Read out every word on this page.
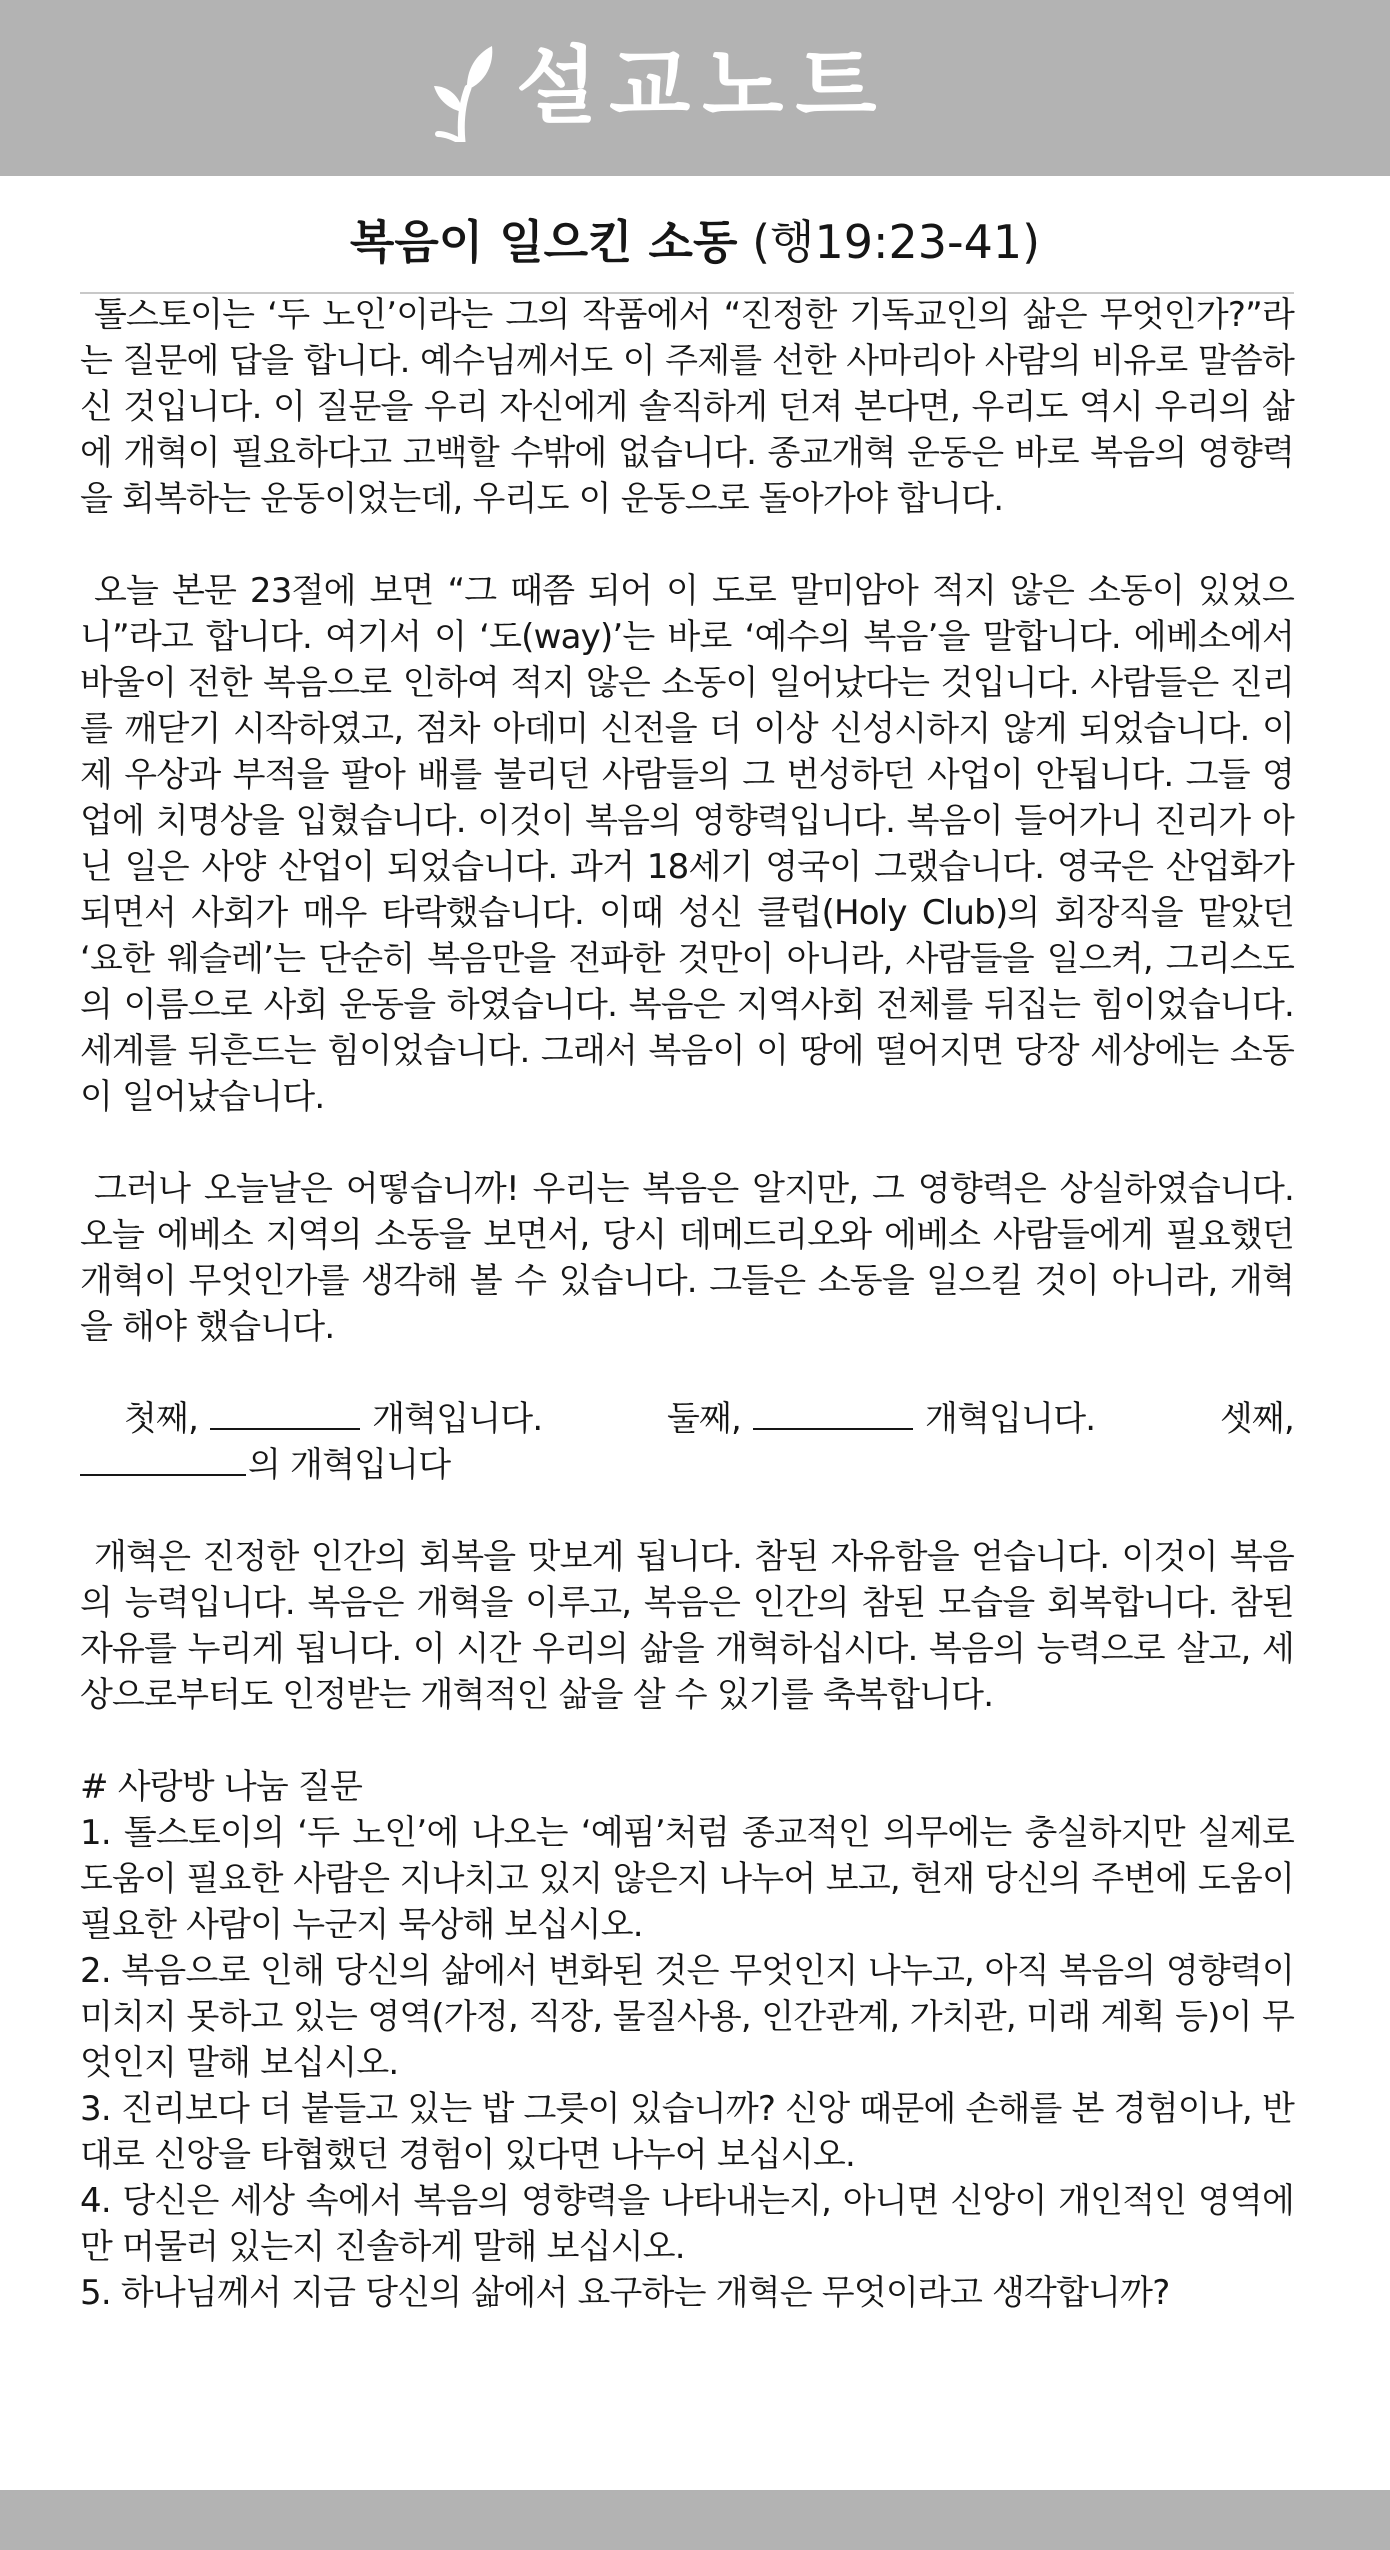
설교노트
복음이 일으킨 소동 (행19:23-41)

톨스토이는 ‘두 노인’이라는 그의 작품에서 “진정한 기독교인의 삶은 무엇인가?”라는 질문에 답을 합니다. 예수님께서도 이 주제를 선한 사마리아 사람의 비유로 말씀하신 것입니다. 이 질문을 우리 자신에게 솔직하게 던져 본다면, 우리도 역시 우리의 삶에 개혁이 필요하다고 고백할 수밖에 없습니다. 종교개혁 운동은 바로 복음의 영향력을 회복하는 운동이었는데, 우리도 이 운동으로 돌아가야 합니다.

오늘 본문 23절에 보면 “그 때쯤 되어 이 도로 말미암아 적지 않은 소동이 있었으니”라고 합니다. 여기서 이 ‘도(way)’는 바로 ‘예수의 복음’을 말합니다. 에베소에서 바울이 전한 복음으로 인하여 적지 않은 소동이 일어났다는 것입니다. 사람들은 진리를 깨닫기 시작하였고, 점차 아데미 신전을 더 이상 신성시하지 않게 되었습니다. 이제 우상과 부적을 팔아 배를 불리던 사람들의 그 번성하던 사업이 안됩니다. 그들 영업에 치명상을 입혔습니다. 이것이 복음의 영향력입니다. 복음이 들어가니 진리가 아닌 일은 사양 산업이 되었습니다. 과거 18세기 영국이 그랬습니다. 영국은 산업화가 되면서 사회가 매우 타락했습니다. 이때 성신 클럽(Holy Club)의 회장직을 맡았던 ‘요한 웨슬레’는 단순히 복음만을 전파한 것만이 아니라, 사람들을 일으켜, 그리스도의 이름으로 사회 운동을 하였습니다. 복음은 지역사회 전체를 뒤집는 힘이었습니다. 세계를 뒤흔드는 힘이었습니다. 그래서 복음이 이 땅에 떨어지면 당장 세상에는 소동이 일어났습니다.

그러나 오늘날은 어떻습니까! 우리는 복음은 알지만, 그 영향력은 상실하였습니다. 오늘 에베소 지역의 소동을 보면서, 당시 데메드리오와 에베소 사람들에게 필요했던 개혁이 무엇인가를 생각해 볼 수 있습니다. 그들은 소동을 일으킬 것이 아니라, 개혁을 해야 했습니다.

첫째,	개혁입니다.	둘째,	개혁입니다.	셋째,
의 개혁입니다

개혁은 진정한 인간의 회복을 맛보게 됩니다. 참된 자유함을 얻습니다. 이것이 복음의 능력입니다. 복음은 개혁을 이루고, 복음은 인간의 참된 모습을 회복합니다. 참된 자유를 누리게 됩니다. 이 시간 우리의 삶을 개혁하십시다. 복음의 능력으로 살고, 세상으로부터도 인정받는 개혁적인 삶을 살 수 있기를 축복합니다.

# 사랑방 나눔 질문

1. 톨스토이의 ‘두 노인’에 나오는 ‘예핌’처럼 종교적인 의무에는 충실하지만 실제로 도움이 필요한 사람은 지나치고 있지 않은지 나누어 보고, 현재 당신의 주변에 도움이 필요한 사람이 누군지 묵상해 보십시오.

2. 복음으로 인해 당신의 삶에서 변화된 것은 무엇인지 나누고, 아직 복음의 영향력이 미치지 못하고 있는 영역(가정, 직장, 물질사용, 인간관계, 가치관, 미래 계획 등)이 무엇인지 말해 보십시오.

3. 진리보다 더 붙들고 있는 밥 그릇이 있습니까? 신앙 때문에 손해를 본 경험이나, 반대로 신앙을 타협했던 경험이 있다면 나누어 보십시오.

4. 당신은 세상 속에서 복음의 영향력을 나타내는지, 아니면 신앙이 개인적인 영역에만 머물러 있는지 진솔하게 말해 보십시오.

5. 하나님께서 지금 당신의 삶에서 요구하는 개혁은 무엇이라고 생각합니까?
